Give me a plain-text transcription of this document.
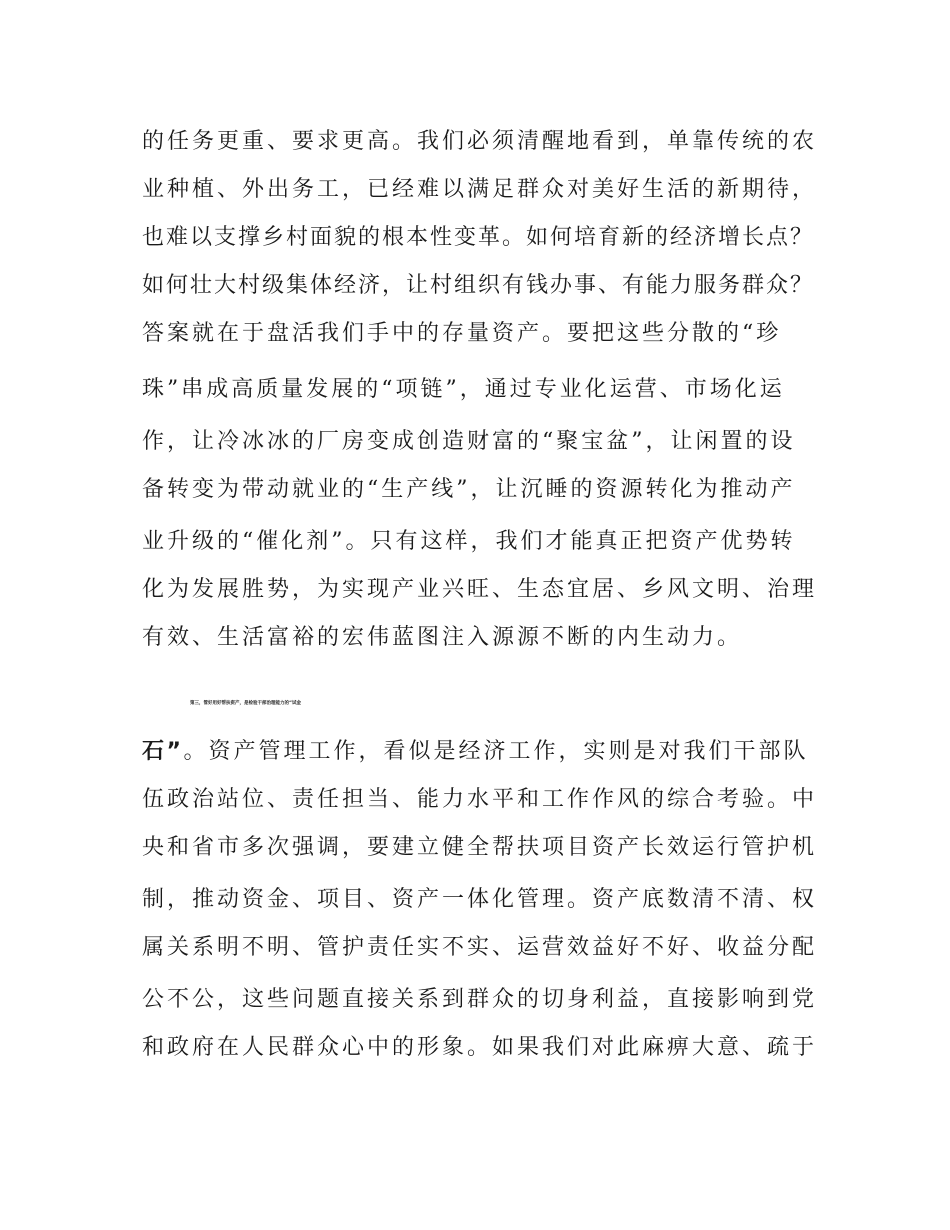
的任务更重、要求更高。我们必须清醒地看到，单靠传统的农

业种植、外出务工，已经难以满足群众对美好生活的新期待，

也难以支撑乡村面貌的根本性变革。如何培育新的经济增长点？

如何壮大村级集体经济，让村组织有钱办事、有能力服务群众？

答案就在于盘活我们手中的存量资产。要把这些分散的“珍

珠”串成高质量发展的“项链”，通过专业化运营、市场化运

作，让冷冰冰的厂房变成创造财富的“聚宝盆”，让闲置的设

备转变为带动就业的“生产线”，让沉睡的资源转化为推动产

业升级的“催化剂”。只有这样，我们才能真正把资产优势转

化为发展胜势，为实现产业兴旺、生态宜居、乡风文明、治理

有效、生活富裕的宏伟蓝图注入源源不断的内生动力。

第三，管好用好帮扶资产，是检验干部治理能力的“试金

石”。资产管理工作，看似是经济工作，实则是对我们干部队

伍政治站位、责任担当、能力水平和工作作风的综合考验。中

央和省市多次强调，要建立健全帮扶项目资产长效运行管护机

制，推动资金、项目、资产一体化管理。资产底数清不清、权

属关系明不明、管护责任实不实、运营效益好不好、收益分配

公不公，这些问题直接关系到群众的切身利益，直接影响到党

和政府在人民群众心中的形象。如果我们对此麻痹大意、疏于
